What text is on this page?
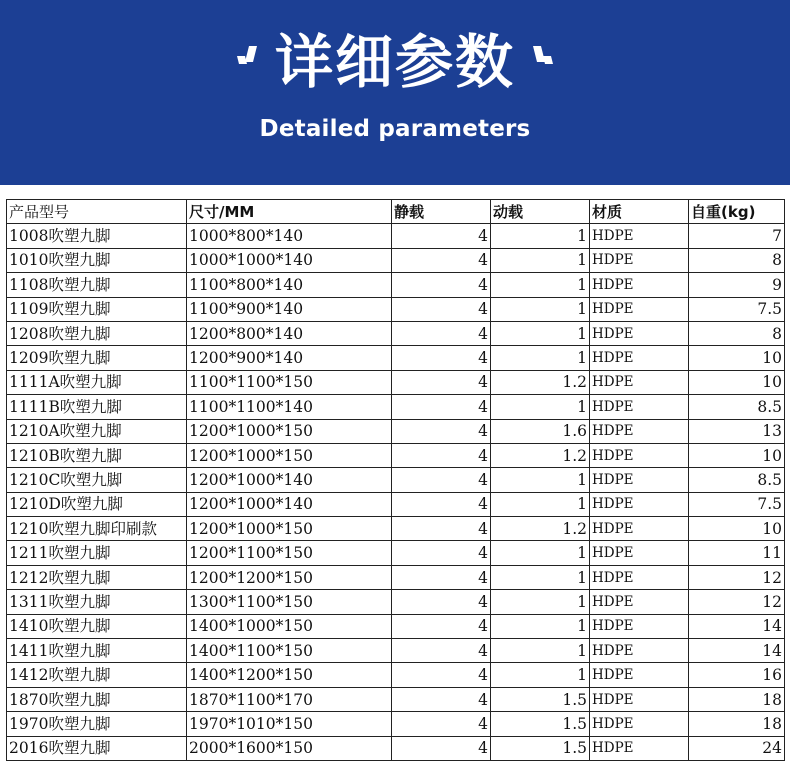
详细参数
Detailed parameters
产品型号	尺寸/MM	静载	动载	材质	自重(kg)
1008吹塑九脚	1000*800*140	4	1	HDPE	7
1010吹塑九脚	1000*1000*140	4	1	HDPE	8
1108吹塑九脚	1100*800*140	4	1	HDPE	9
1109吹塑九脚	1100*900*140	4	1	HDPE	7.5
1208吹塑九脚	1200*800*140	4	1	HDPE	8
1209吹塑九脚	1200*900*140	4	1	HDPE	10
1111A吹塑九脚	1100*1100*150	4	1.2	HDPE	10
1111B吹塑九脚	1100*1100*140	4	1	HDPE	8.5
1210A吹塑九脚	1200*1000*150	4	1.6	HDPE	13
1210B吹塑九脚	1200*1000*150	4	1.2	HDPE	10
1210C吹塑九脚	1200*1000*140	4	1	HDPE	8.5
1210D吹塑九脚	1200*1000*140	4	1	HDPE	7.5
1210吹塑九脚印刷款	1200*1000*150	4	1.2	HDPE	10
1211吹塑九脚	1200*1100*150	4	1	HDPE	11
1212吹塑九脚	1200*1200*150	4	1	HDPE	12
1311吹塑九脚	1300*1100*150	4	1	HDPE	12
1410吹塑九脚	1400*1000*150	4	1	HDPE	14
1411吹塑九脚	1400*1100*150	4	1	HDPE	14
1412吹塑九脚	1400*1200*150	4	1	HDPE	16
1870吹塑九脚	1870*1100*170	4	1.5	HDPE	18
1970吹塑九脚	1970*1010*150	4	1.5	HDPE	18
2016吹塑九脚	2000*1600*150	4	1.5	HDPE	24
